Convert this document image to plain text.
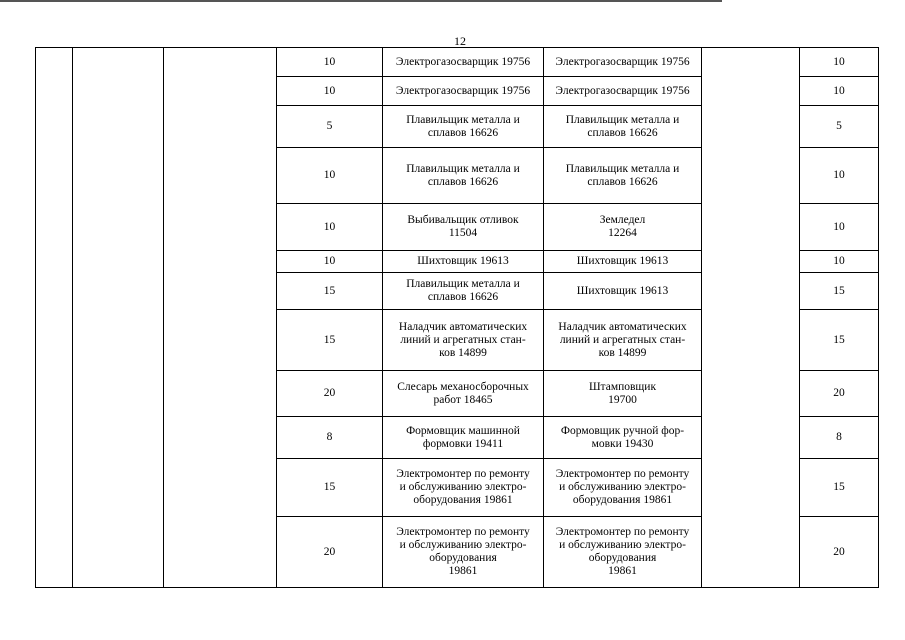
12
			10	Электрогазосварщик 19756	Электрогазосварщик 19756		10
			10	Электрогазосварщик 19756	Электрогазосварщик 19756		10
			5	Плавильщик металла и
сплавов 16626	Плавильщик металла и
сплавов 16626		5
			10	Плавильщик металла и
сплавов 16626	Плавильщик металла и
сплавов 16626		10
			10	Выбивальщик отливок
11504	Земледел
12264		10
			10	Шихтовщик 19613	Шихтовщик 19613		10
			15	Плавильщик металла и
сплавов 16626	Шихтовщик 19613		15
			15	Наладчик автоматических
линий и агрегатных стан-
ков 14899	Наладчик автоматических
линий и агрегатных стан-
ков 14899		15
			20	Слесарь механосборочных
работ 18465	Штамповщик
19700		20
			8	Формовщик машинной
формовки 19411	Формовщик ручной фор-
мовки 19430		8
			15	Электромонтер по ремонту
и обслуживанию электро-
оборудования 19861	Электромонтер по ремонту
и обслуживанию электро-
оборудования 19861		15
			20	Электромонтер по ремонту
и обслуживанию электро-
оборудования
19861	Электромонтер по ремонту
и обслуживанию электро-
оборудования
19861		20
